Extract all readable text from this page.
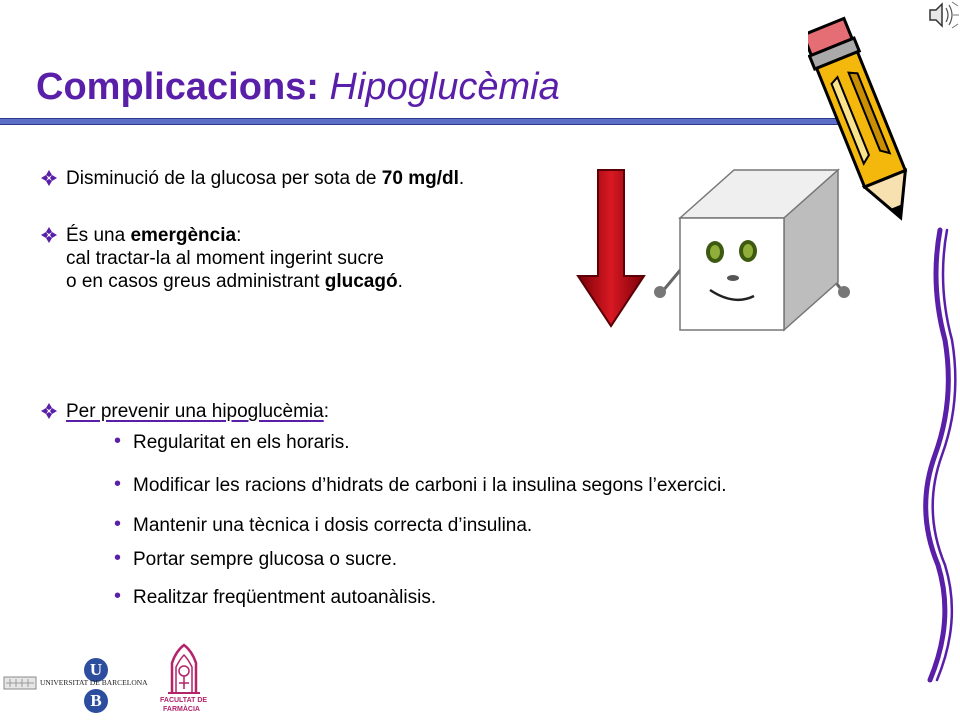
Complicacions: Hipoglucèmia
Disminució de la glucosa per sota de 70 mg/dl.
És una emergència:
cal tractar-la al moment ingerint sucre
o en casos greus administrant glucagó.
Per prevenir una hipoglucèmia:
• Regularitat en els horaris.
• Modificar les racions d’hidrats de carboni i la insulina segons l’exercici.
• Mantenir una tècnica i dosis correcta d’insulina.
• Portar sempre glucosa o sucre.
• Realitzar freqüentment autoanàlisis.
U
B
UNIVERSITAT DE BARCELONA
FACULTAT DE
FARMÀCIA
